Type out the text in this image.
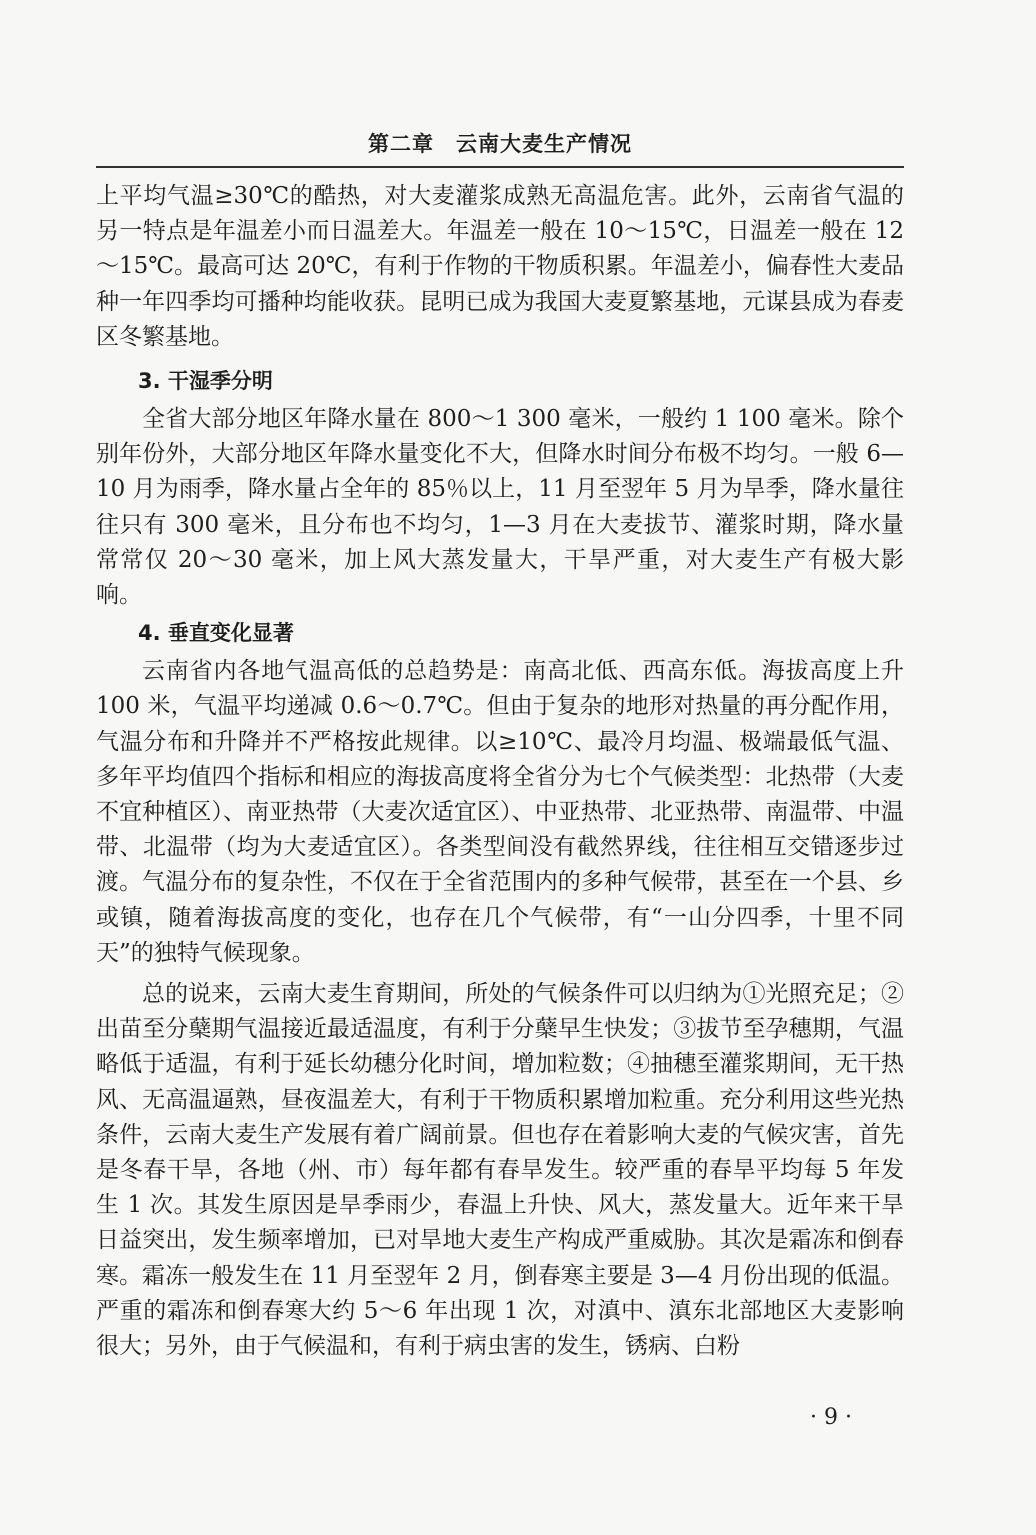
第二章　云南大麦生产情况

上平均气温≥30℃的酷热，对大麦灌浆成熟无高温危害。此外，云南省气温的另一特点是年温差小而日温差大。年温差一般在 10～15℃，日温差一般在 12～15℃。最高可达 20℃，有利于作物的干物质积累。年温差小，偏春性大麦品种一年四季均可播种均能收获。昆明已成为我国大麦夏繁基地，元谋县成为春麦区冬繁基地。

3. 干湿季分明

全省大部分地区年降水量在 800～1 300 毫米，一般约 1 100 毫米。除个别年份外，大部分地区年降水量变化不大，但降水时间分布极不均匀。一般 6—10 月为雨季，降水量占全年的 85％以上，11 月至翌年 5 月为旱季，降水量往往只有 300 毫米，且分布也不均匀，1—3 月在大麦拔节、灌浆时期，降水量常常仅 20～30 毫米，加上风大蒸发量大，干旱严重，对大麦生产有极大影响。

4. 垂直变化显著

云南省内各地气温高低的总趋势是：南高北低、西高东低。海拔高度上升 100 米，气温平均递减 0.6～0.7℃。但由于复杂的地形对热量的再分配作用，气温分布和升降并不严格按此规律。以≥10℃、最冷月均温、极端最低气温、多年平均值四个指标和相应的海拔高度将全省分为七个气候类型：北热带（大麦不宜种植区）、南亚热带（大麦次适宜区）、中亚热带、北亚热带、南温带、中温带、北温带（均为大麦适宜区）。各类型间没有截然界线，往往相互交错逐步过渡。气温分布的复杂性，不仅在于全省范围内的多种气候带，甚至在一个县、乡或镇，随着海拔高度的变化，也存在几个气候带，有“一山分四季，十里不同天”的独特气候现象。

总的说来，云南大麦生育期间，所处的气候条件可以归纳为①光照充足；②出苗至分蘖期气温接近最适温度，有利于分蘖早生快发；③拔节至孕穗期，气温略低于适温，有利于延长幼穗分化时间，增加粒数；④抽穗至灌浆期间，无干热风、无高温逼熟，昼夜温差大，有利于干物质积累增加粒重。充分利用这些光热条件，云南大麦生产发展有着广阔前景。但也存在着影响大麦的气候灾害，首先是冬春干旱，各地（州、市）每年都有春旱发生。较严重的春旱平均每 5 年发生 1 次。其发生原因是旱季雨少，春温上升快、风大，蒸发量大。近年来干旱日益突出，发生频率增加，已对旱地大麦生产构成严重威胁。其次是霜冻和倒春寒。霜冻一般发生在 11 月至翌年 2 月，倒春寒主要是 3—4 月份出现的低温。严重的霜冻和倒春寒大约 5～6 年出现 1 次，对滇中、滇东北部地区大麦影响很大；另外，由于气候温和，有利于病虫害的发生，锈病、白粉

· 9 ·
